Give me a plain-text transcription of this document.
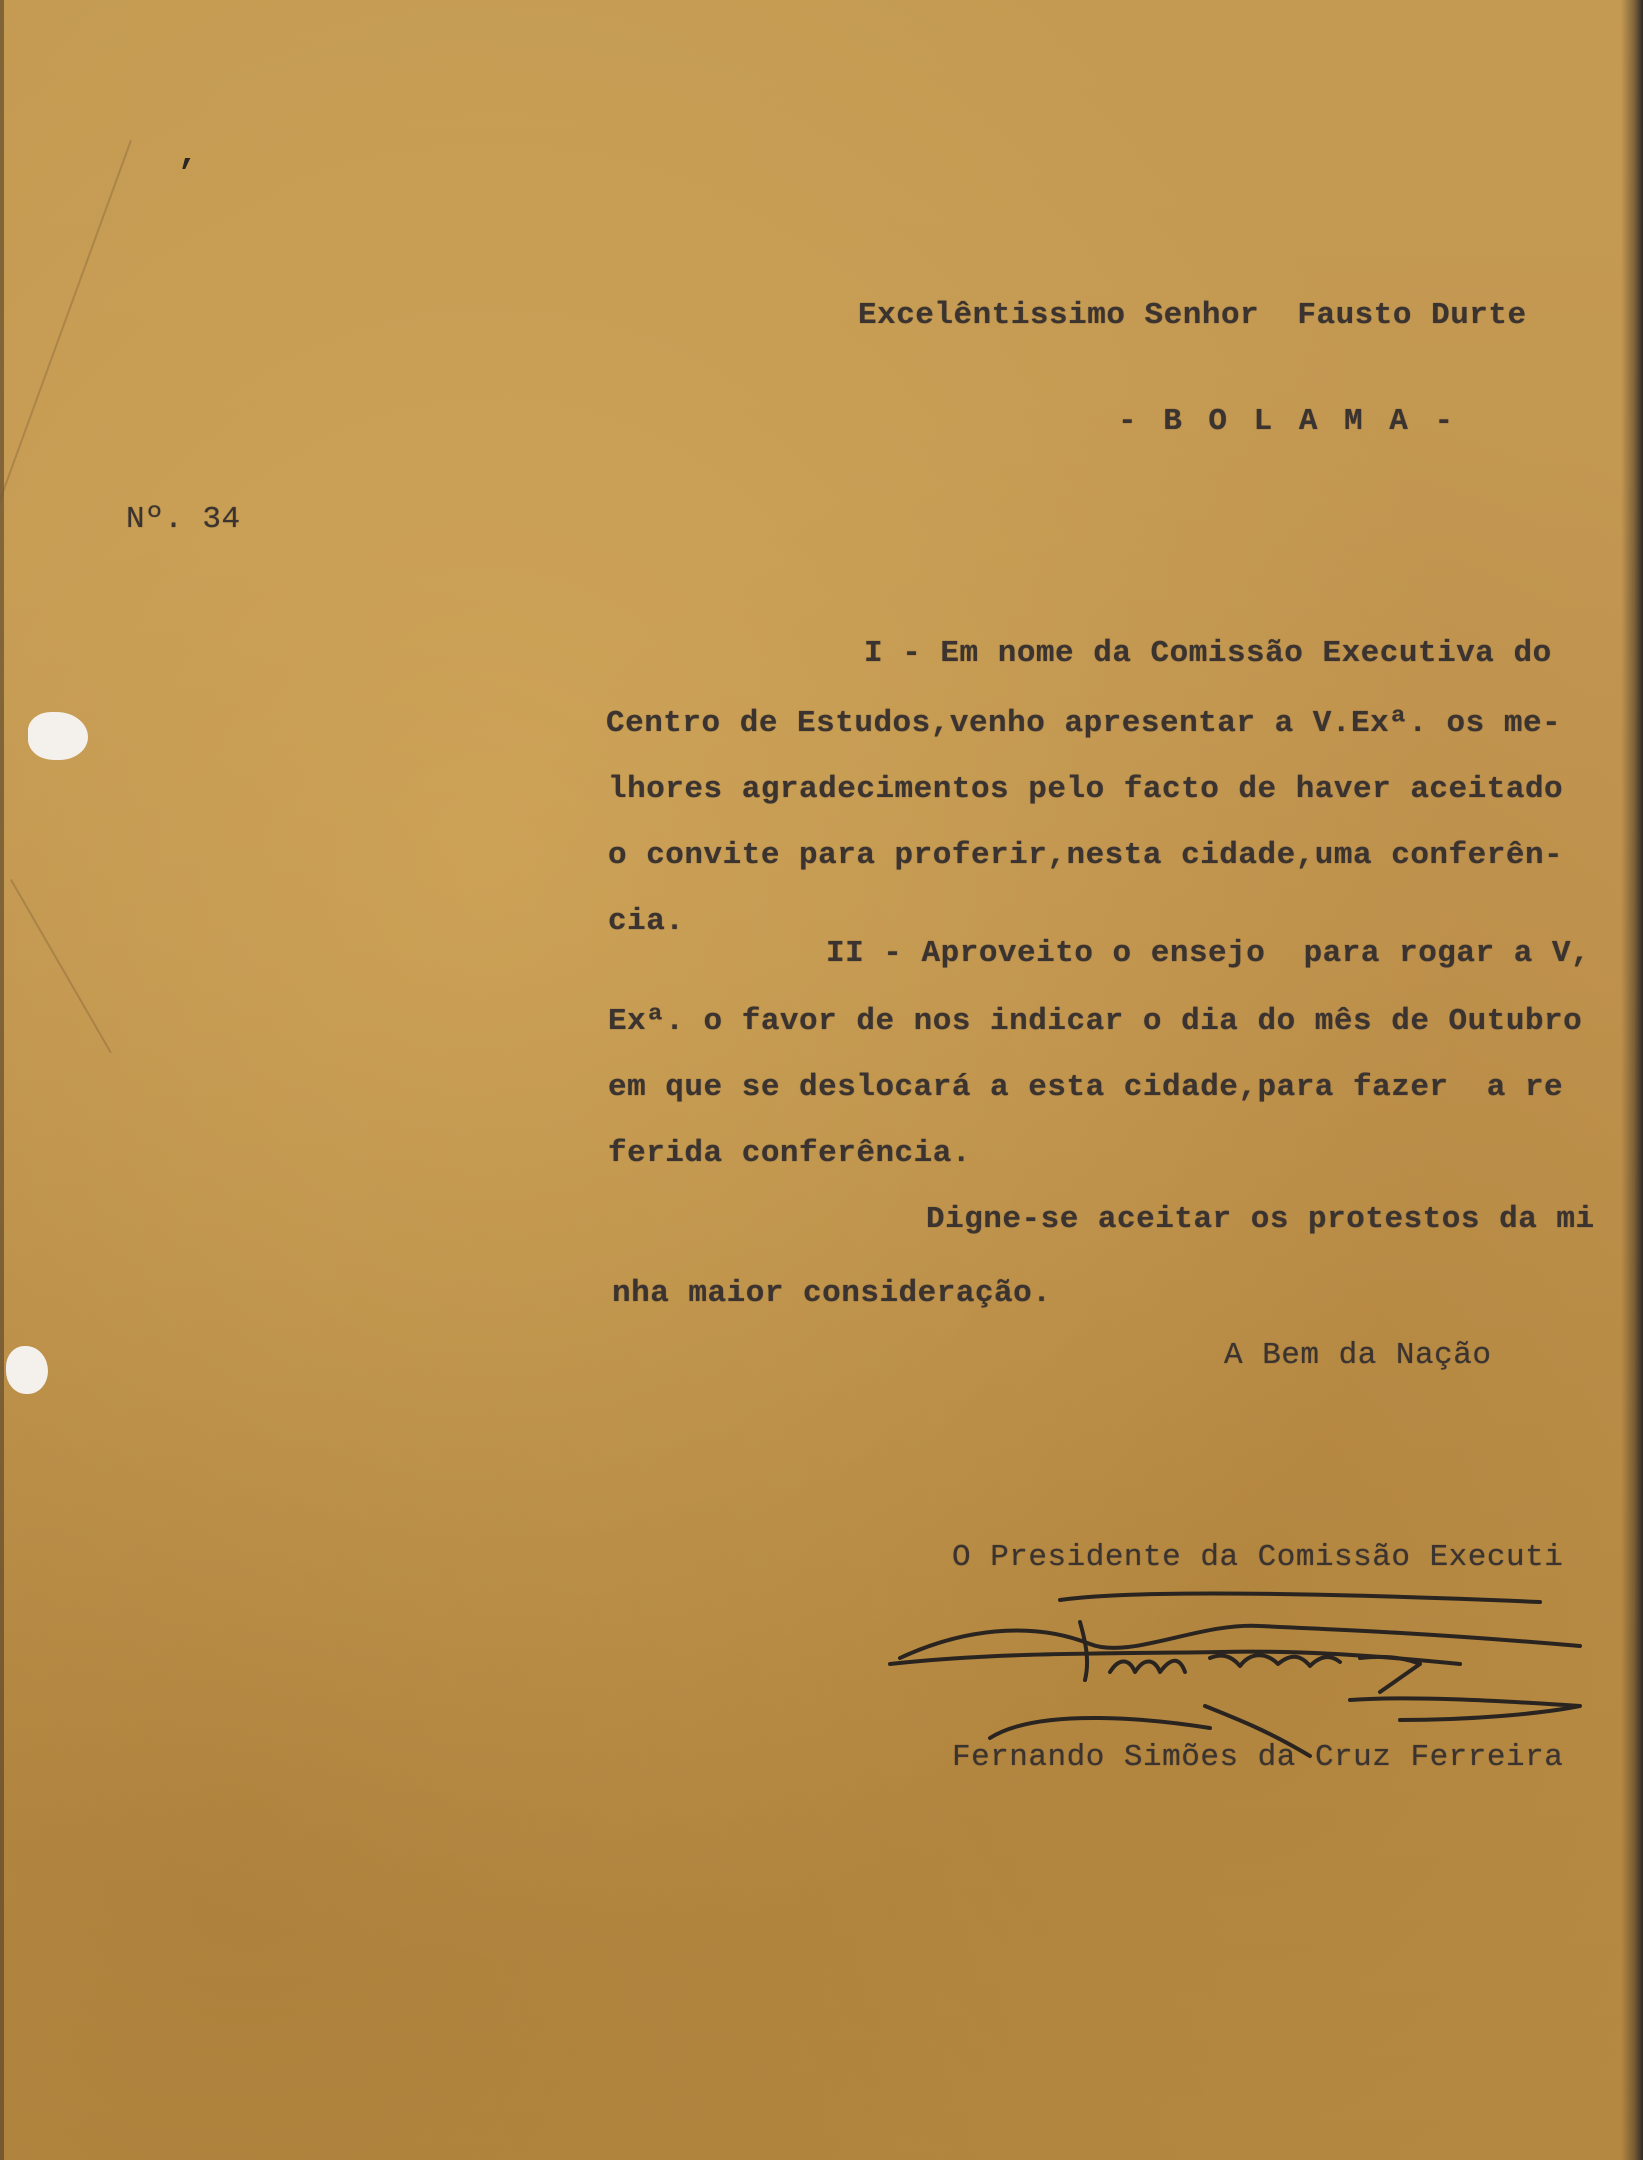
,
Excelêntissimo Senhor  Fausto Durte
- B O L A M A -
Nº. 34
I - Em nome da Comissão Executiva do
Centro de Estudos,venho apresentar a V.Exª. os me-
lhores agradecimentos pelo facto de haver aceitado
o convite para proferir,nesta cidade,uma conferên-
cia.
II - Aproveito o ensejo  para rogar a V,
Exª. o favor de nos indicar o dia do mês de Outubro
em que se deslocará a esta cidade,para fazer  a re
ferida conferência.
Digne-se aceitar os protestos da mi
nha maior consideração.
A Bem da Nação
O Presidente da Comissão Executi
Fernando Simões da Cruz Ferreira
